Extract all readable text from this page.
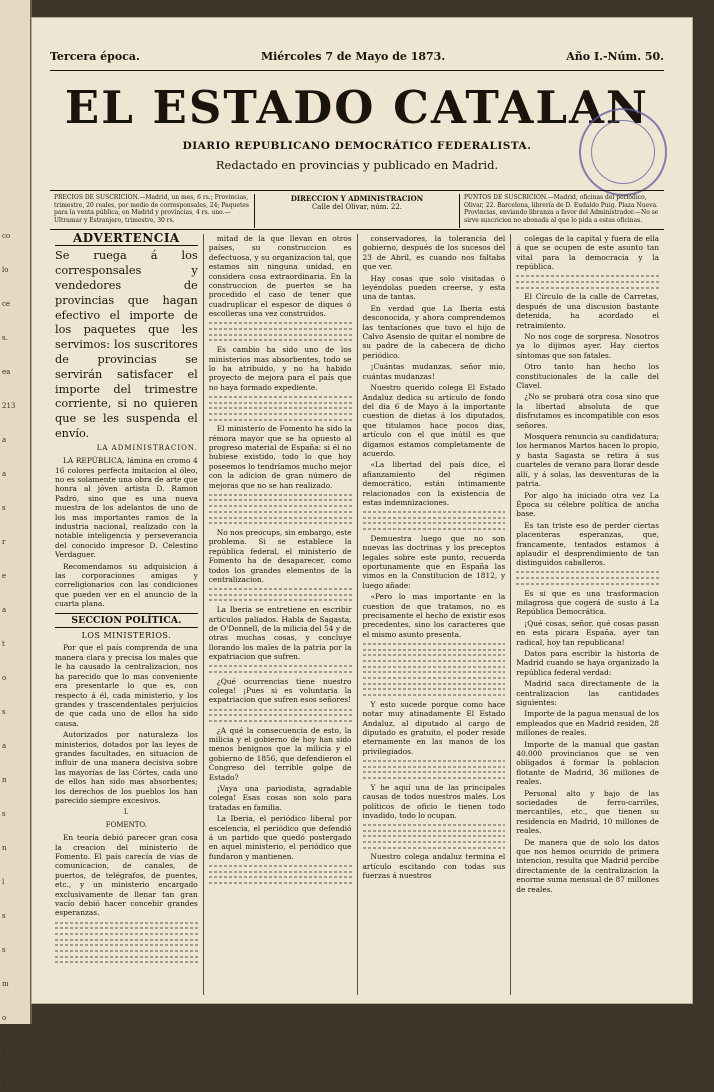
co
lo
ce
s.
ea
213
a
a
s
r
e
a
t
o
s
a
n
s
n
l
s
s
m
o
s
a
Tercera época.	Miércoles 7 de Mayo de 1873.	Año I.-Núm. 50.
EL ESTADO CATALAN
DIARIO REPUBLICANO DEMOCRÁTICO FEDERALISTA.
Redactado en provincias y publicado en Madrid.
PRECIOS DE SUSCRICION.—Madrid, un mes, 6 rs.; Provincias, trimestre, 20 reales, por medio de corresponsales, 24; Paquetes para la venta pública, en Madrid y provincias, 4 rs. uno.—Ultramar y Estranjero, trimestre, 30 rs.
DIRECCION Y ADMINISTRACION
Calle del Olivar, núm. 22.
PUNTOS DE SUSCRICION.—Madrid, oficinas del periódico, Olivar, 22. Barcelona, librería de D. Eudaldo Puig. Plaza Nueva. Provincias, enviando libranza a favor del Administrador.—No se sirve suscricion no abonada al que lo pida a estas oficinas.
ADVERTENCIA
Se ruega á los corresponsales y vendedores de provincias que hagan efectivo el importe de los paquetes que les servimos: los suscritores de provincias se servirán satisfacer el importe del trimestre corriente, si no quieren que se les suspenda el envío.
LA ADMINISTRACION.

LA REPÚBLICA, lámina en cromo 4 16 colores perfecta imitacion al óleo, no es solamente una obra de arte que honra al jóven artista D. Ramon Padró, sino que es una nueva muestra de los adelantos de uno de los mas importantes ramos de la industria nacional, realizado con la notable inteligencia y perseverancia del conocido impresor D. Celestino Verdaguer.

Recomendamos su adquisicion á las corporaciones amigas y correligionarios con las condiciones que pueden ver en el anuncio de la cuarta plana.

SECCION POLÍTICA.
LOS MINISTERIOS.

Por que el país comprenda de una manera clara y precisa los males que le ha causado la centralizacion, nos ha parecido que lo mas conveniente era presentarle lo que es, con respecto á él, cada ministerio, y los grandes y trascendentales perjuicios de que cada uno de ellos ha sido causa.

Autorizados por naturaleza los ministerios, dotados por las leyes de grandes facultades, en situacion de influir de una manera decisiva sobre las mayorías de las Córtes, cada uno de ellos han sido mas absorbentes; los derechos de los pueblos los han parecido siempre excesivos.

I.
FOMENTO.

En teoría debió parecer gran cosa la creacion del ministerio de Fomento. El país carecía de vias de comunicacion, de canales, de puertos, de telégrafos, de puentes, etc., y un ministerio encargado exclusivamente de llenar tan gran vacío debió hacer concebir grandes esperanzas.

mitad de la que llevan en otros países, su construccion es defectuosa, y su organizacion tal, que estamos sin ninguna unidad, en considera cosa extraordinaria. En la construccion de puertos se ha procedido el caso de tener que cuadruplicar el espesor de diques ó escolleras una vez construidos.

Es cambio ha sido uno de los ministerios mas absorbentes, todo se lo ha atribuido, y no ha habido proyecto de mejora para el país que no haya formado expediente.

El ministerio de Fomento ha sido la rémora mayor que se ha opuesto al progreso material de España: si él no hubiese existido, todo lo que hoy poseemos lo tendríamos mucho mejor con la adicion de gran número de mejoras que no se han realizado.

No nos preocups, sin embargo, este problema. Si se establece la república federal, el ministerio de Fomento ha de desaparecer, como todos los grandes elementos de la centralizacion.

La Iberia se entretiene en escribir articulos paliados. Habla de Sagasta, de O'Donnell, de la milicia del 54 y de otras muchas cosas, y concluye llorando los males de la patria por la expatriacion que sufren.

¿Qué ocurrencias tiene nuestro colega! ¡Pues si es voluntaria la expatriacion que sufren esos señores!

¿A qué la consecuencia de esto, la milicia y el gobierno de hoy han sido menos benignos que la milicia y el gobierno de 1856, que defendieron el Congreso del terrible golpe de Estado?

¡Vaya una pariodista, agradable colega! Esas cosas son solo para tratadas en familia.

La Iberia, el periódico liberal por escelencia, el periódico que defendió á un partido que quedó postergado en aquel ministerio, el periódico que fundaron y mantienen.

conservadores, la tolerancia del gobierno, después de los sucesos del 23 de Abril, es cuando nos faltaba que ver.

Hay cosas que solo visitadas ó leyéndolas pueden creerse, y esta una de tantas.

En verdad que La Iberia está desconocida, y ahora comprendemos las tentaciones que tuvo el hijo de Calvo Asensio de quitar el nombre de su padre de la cabecera de dicho periódico.

¡Cuántas mudanzas, señor mio, cuántas mudanzas!

Nuestro querido colega El Estado Andaluz dedica su artículo de fondo del dia 6 de Mayo á la importante cuestion de dietas á los diputados, que titulamos hace pocos dias, artículo con el que inútil es que digamos estamos completamente de acuerdo.

«La libertad del país dice, el afianzamiento del régimen democrático, están íntimamente relacionados con la existencia de estas indemnizaciones.

Demuestra luego que no son nuevas las doctrinas y los preceptos legales sobre este punto, recuerda oportunamente que en España las vimos en la Constitucion de 1812, y luego añade:

«Pero lo mas importante en la cuestion de que tratamos, no es precisamente el hecho de existir esos precedentes, sino los caracteres que el mismo asunto presenta.

Y esto sucede porque como hace notar muy atinadamente El Estado Andaluz, al diputado al cargo de diputado es gratuito, el poder reside eternamente en las manos de los privilegiados.

Y he aquí una de las principales causas de todos nuestros males. Los políticos de oficio le tienen todo invadido, todo lo ocupan.

Nuestro colega andaluz termina el artículo escitando con todas sus fuerzas á nuestros

colegas de la capital y fuera de ella á que se ocupen de este asunto tan vital para la democracia y la república.

El Círculo de la calle de Carretas, después de una discusion bastante detenida, ha acordado el retraimiento.

No nos coge de sorpresa. Nosotros ya lo dijimos ayer. Hay ciertos síntomas que son fatales.

Otro tanto han hecho los constitucionales de la calle del Clavel.

¿No se probará otra cosa sino que la libertad absoluta de que disfrutamos es incompatible con esos señores.

Mosquera renuncia su candidatura; los hermanos Martos hacen lo propio, y hasta Sagasta se retira á sus cuarteles de verano para llorar desde allí, y á solas, las desventuras de la patria.

Por algo ha iniciado otra vez La Época su célebre política de ancha base.

Es tan triste eso de perder ciertas placenteras esperanzas, que, francamente, tentados estamos á aplaudir el desprendimiento de tan distinguidos caballeros.

Es si que es una trasformacion milagrosa que cogerá de susto á La República Democrática.

¡Qué cosas, señor, qué cosas pasan en esta picara España, ayer tan radical, hoy tan republicana!

Datos para escribir la historia de Madrid cuando se haya organizado la república federal verdad:

Madrid saca directamente de la centralizacion las cantidades siguientes:

Importe de la pagua mensual de los empleados que en Madrid residen, 28 millones de reales.

Importe de la manual que gastan 40.000 provincianos que se ven obligados á formar la poblacion flotante de Madrid, 36 millones de reales.

Personal alto y bajo de las sociedades de ferro-carriles, mercantiles, etc., que tienen su residencia en Madrid, 10 millones de reales.

De manera que de solo los datos que nos hemos ocurrido de primera intencion, resulta que Madrid percibe directamente de la centralizacion la enorme suma mensual de 87 millones de reales.
